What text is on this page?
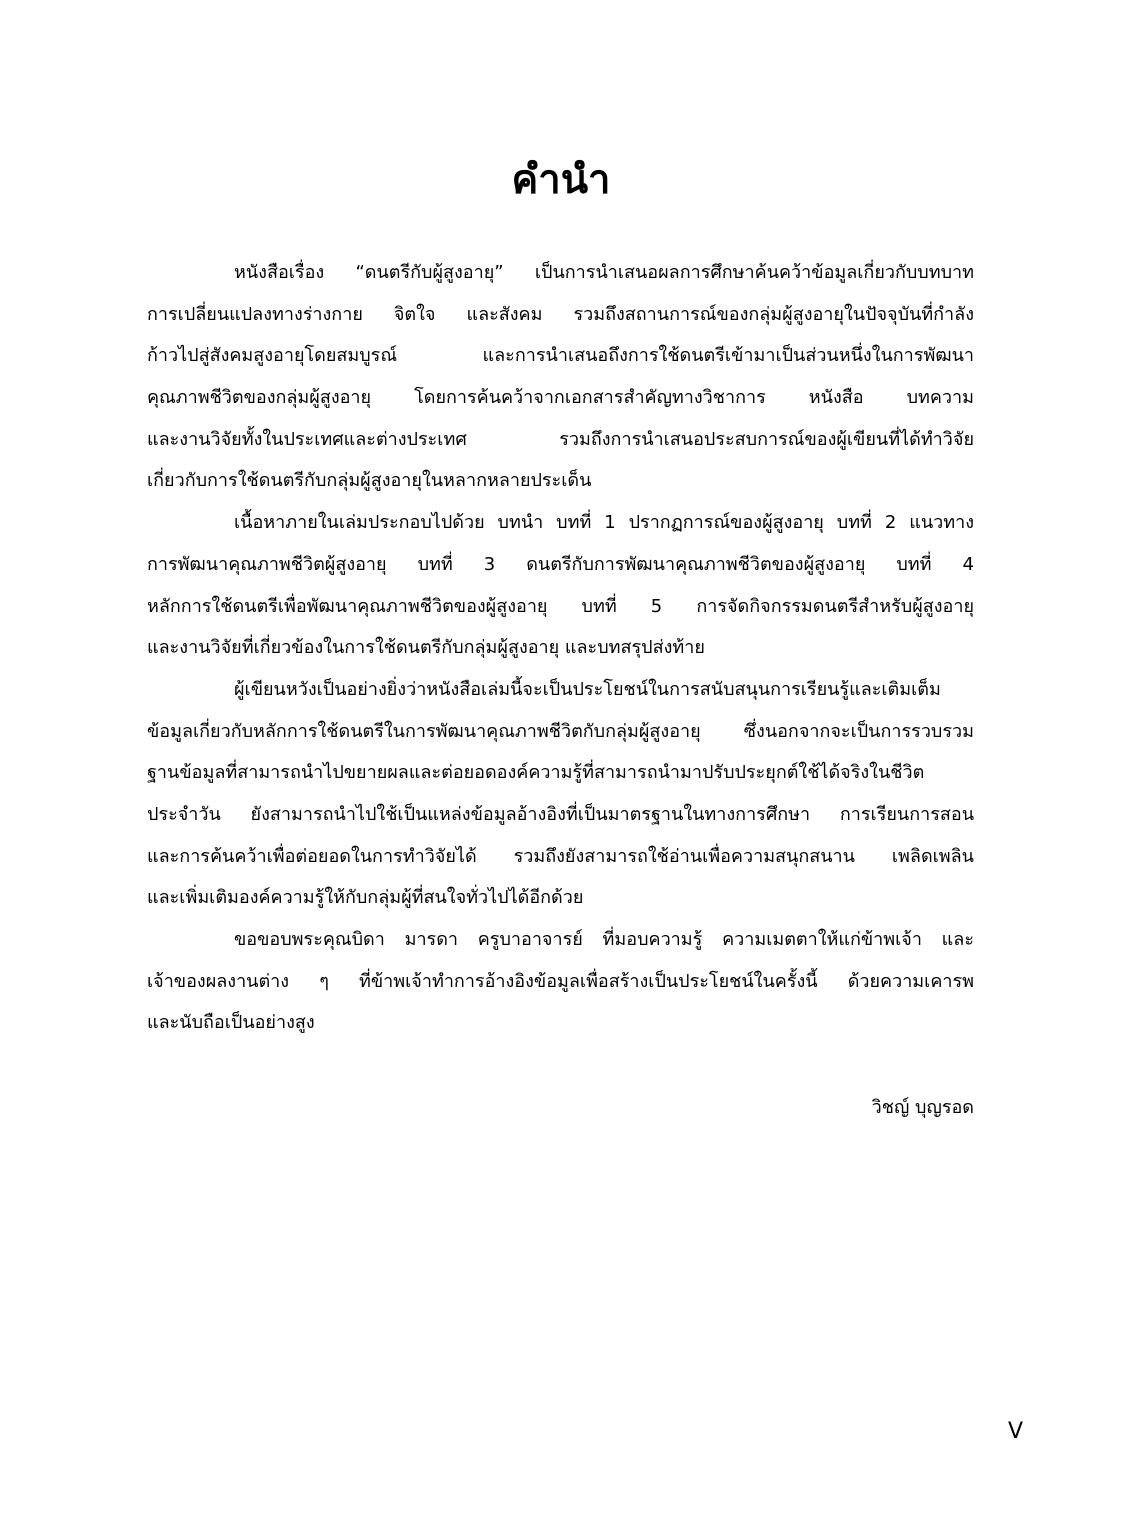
คำนำ
หนังสือเรื่อง “ดนตรีกับผู้สูงอายุ” เป็นการนำเสนอผลการศึกษาค้นคว้าข้อมูลเกี่ยวกับบทบาท
การเปลี่ยนแปลงทางร่างกาย จิตใจ และสังคม รวมถึงสถานการณ์ของกลุ่มผู้สูงอายุในปัจจุบันที่กำลัง
ก้าวไปสู่สังคมสูงอายุโดยสมบูรณ์ และการนำเสนอถึงการใช้ดนตรีเข้ามาเป็นส่วนหนึ่งในการพัฒนา
คุณภาพชีวิตของกลุ่มผู้สูงอายุ โดยการค้นคว้าจากเอกสารสำคัญทางวิชาการ หนังสือ บทความ
และงานวิจัยทั้งในประเทศและต่างประเทศ รวมถึงการนำเสนอประสบการณ์ของผู้เขียนที่ได้ทำวิจัย
เกี่ยวกับการใช้ดนตรีกับกลุ่มผู้สูงอายุในหลากหลายประเด็น
เนื้อหาภายในเล่มประกอบไปด้วย บทนำ บทที่ 1 ปรากฏการณ์ของผู้สูงอายุ บทที่ 2 แนวทาง
การพัฒนาคุณภาพชีวิตผู้สูงอายุ บทที่ 3 ดนตรีกับการพัฒนาคุณภาพชีวิตของผู้สูงอายุ บทที่ 4
หลักการใช้ดนตรีเพื่อพัฒนาคุณภาพชีวิตของผู้สูงอายุ บทที่ 5 การจัดกิจกรรมดนตรีสำหรับผู้สูงอายุ
และงานวิจัยที่เกี่ยวข้องในการใช้ดนตรีกับกลุ่มผู้สูงอายุ และบทสรุปส่งท้าย
ผู้เขียนหวังเป็นอย่างยิ่งว่าหนังสือเล่มนี้จะเป็นประโยชน์ในการสนับสนุนการเรียนรู้และเติมเต็ม
ข้อมูลเกี่ยวกับหลักการใช้ดนตรีในการพัฒนาคุณภาพชีวิตกับกลุ่มผู้สูงอายุ ซึ่งนอกจากจะเป็นการรวบรวม
ฐานข้อมูลที่สามารถนำไปขยายผลและต่อยอดองค์ความรู้ที่สามารถนำมาปรับประยุกต์ใช้ได้จริงในชีวิต
ประจำวัน ยังสามารถนำไปใช้เป็นแหล่งข้อมูลอ้างอิงที่เป็นมาตรฐานในทางการศึกษา การเรียนการสอน
และการค้นคว้าเพื่อต่อยอดในการทำวิจัยได้ รวมถึงยังสามารถใช้อ่านเพื่อความสนุกสนาน เพลิดเพลิน
และเพิ่มเติมองค์ความรู้ให้กับกลุ่มผู้ที่สนใจทั่วไปได้อีกด้วย
ขอขอบพระคุณบิดา มารดา ครูบาอาจารย์ ที่มอบความรู้ ความเมตตาให้แก่ข้าพเจ้า และ
เจ้าของผลงานต่าง ๆ ที่ข้าพเจ้าทำการอ้างอิงข้อมูลเพื่อสร้างเป็นประโยชน์ในครั้งนี้ ด้วยความเคารพ
และนับถือเป็นอย่างสูง
วิชญ์ บุญรอด
V
